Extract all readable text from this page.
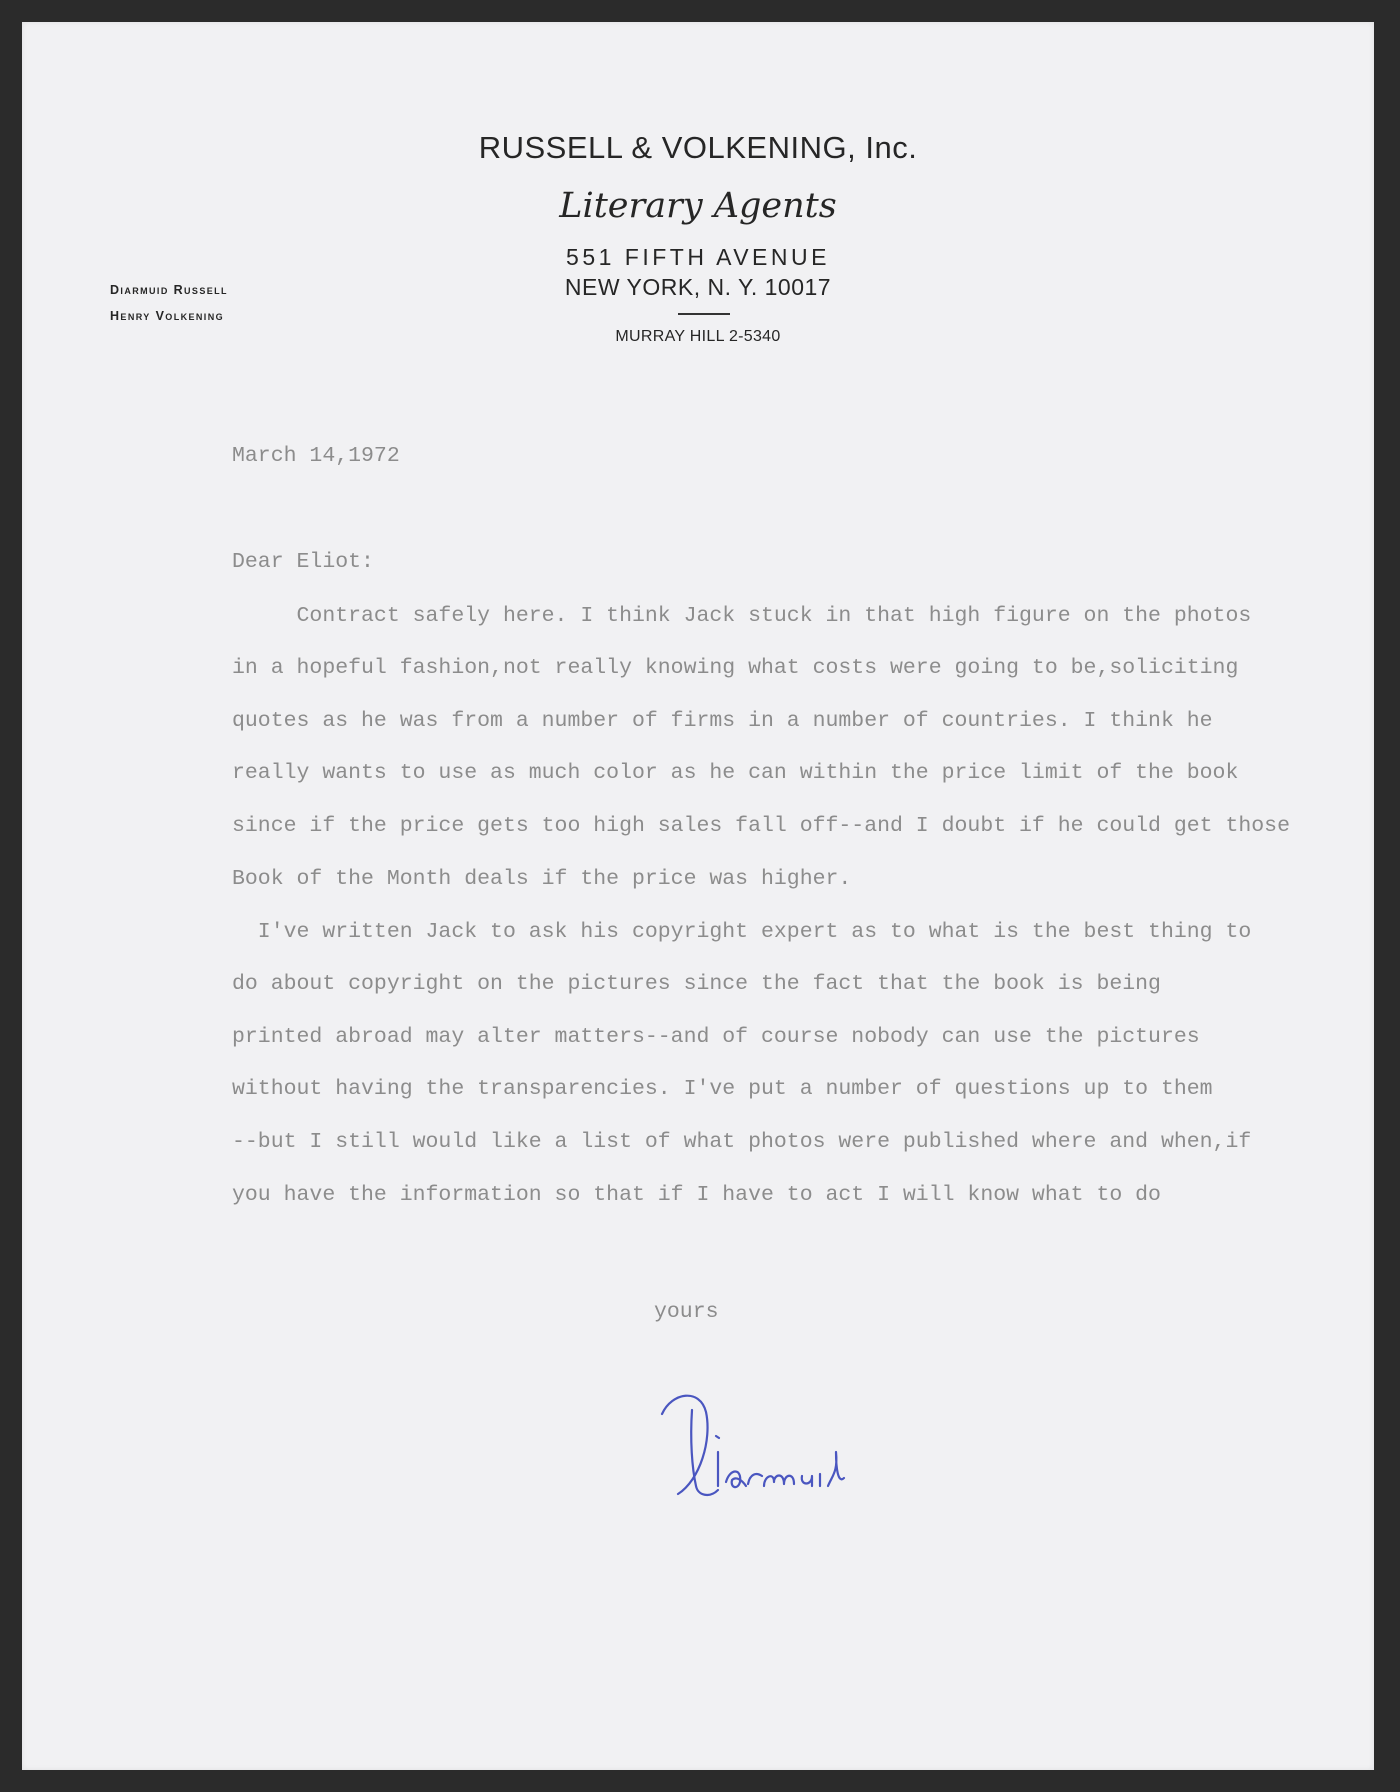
RUSSELL & VOLKENING, Inc.
Literary Agents
551 FIFTH AVENUE
NEW YORK, N. Y. 10017
MURRAY HILL 2-5340
Diarmuid Russell
Henry Volkening
March 14,1972
Dear Eliot:
Contract safely here. I think Jack stuck in that high figure on the photos
in a hopeful fashion,not really knowing what costs were going to be,soliciting
quotes as he was from a number of firms in a number of countries. I think he
really wants to use as much color as he can within the price limit of the book
since if the price gets too high sales fall off--and I doubt if he could get those
Book of the Month deals if the price was higher.
I've written Jack to ask his copyright expert as to what is the best thing to
do about copyright on the pictures since the fact that the book is being
printed abroad may alter matters--and of course nobody can use the pictures
without having the transparencies. I've put a number of questions up to them
--but I still would like a list of what photos were published where and when,if
you have the information so that if I have to act I will know what to do
yours
